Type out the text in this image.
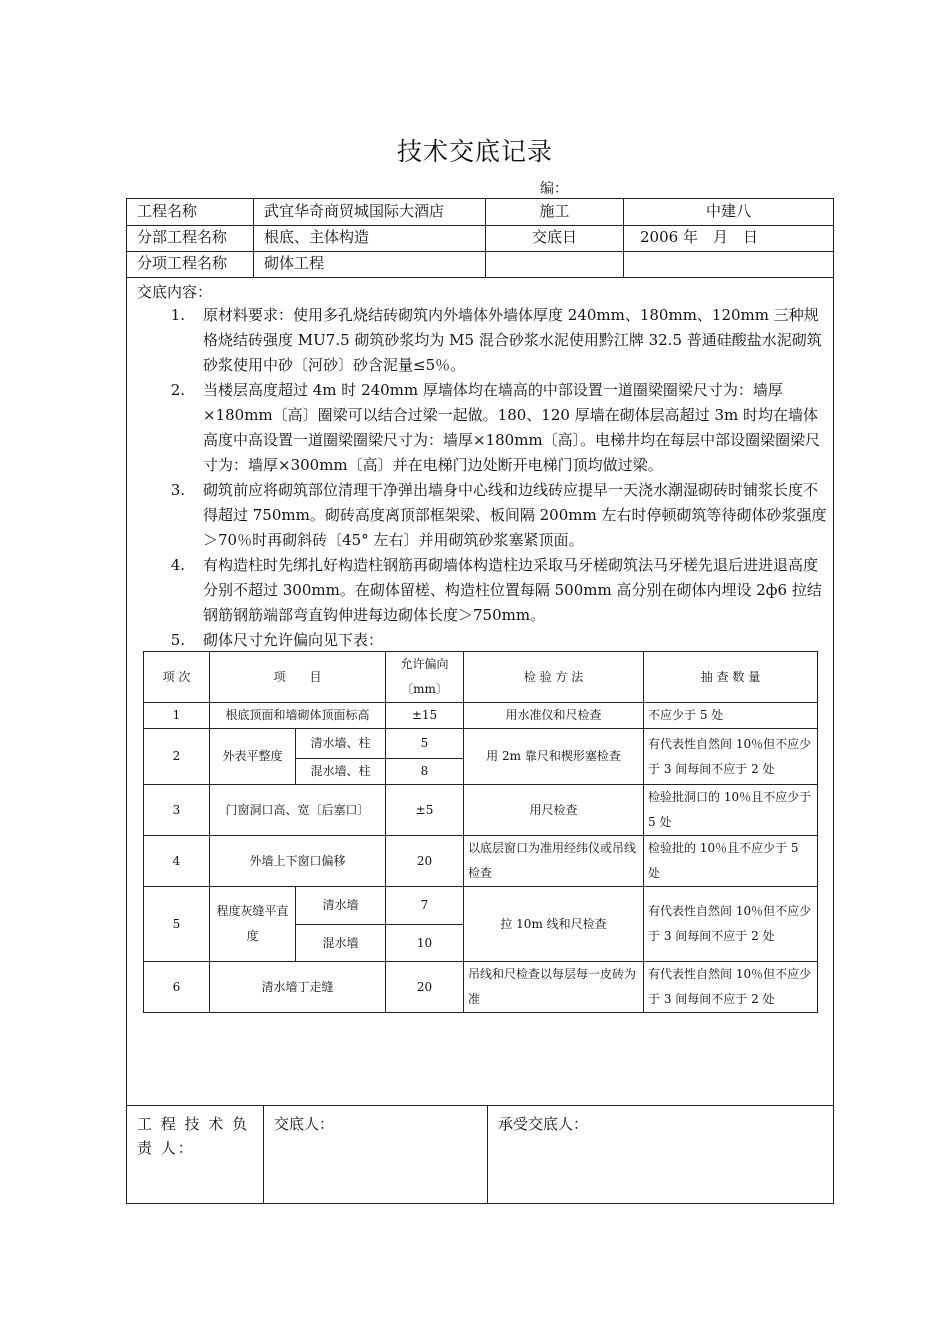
技术交底记录
编：
工程名称	武宜华奇商贸城国际大酒店	施工	中建八
分部工程名称	根底、主体构造	交底日	2006 年　月　日
分项工程名称	砌体工程
交底内容：
1. 原材料要求：使用多孔烧结砖砌筑内外墙体外墙体厚度 240mm、180mm、120mm 三种规格烧结砖强度 MU7.5 砌筑砂浆均为 M5 混合砂浆水泥使用黔江牌 32.5 普通硅酸盐水泥砌筑砂浆使用中砂〔河砂〕砂含泥量≤5％。
2. 当楼层高度超过 4m 时 240mm 厚墙体均在墙高的中部设置一道圈梁圈梁尺寸为：墙厚×180mm〔高〕圈梁可以结合过梁一起做。180、120 厚墙在砌体层高超过 3m 时均在墙体高度中高设置一道圈梁圈梁尺寸为：墙厚×180mm〔高〕。电梯井均在每层中部设圈梁圈梁尺寸为：墙厚×300mm〔高〕并在电梯门边处断开电梯门顶均做过梁。
3. 砌筑前应将砌筑部位清理干净弹出墙身中心线和边线砖应提早一天浇水潮湿砌砖时铺浆长度不得超过 750mm。砌砖高度离顶部框架梁、板间隔 200mm 左右时停顿砌筑等待砌体砂浆强度＞70％时再砌斜砖〔45° 左右〕并用砌筑砂浆塞紧顶面。
4. 有构造柱时先绑扎好构造柱钢筋再砌墙体构造柱边采取马牙槎砌筑法马牙槎先退后进进退高度分别不超过 300mm。在砌体留槎、构造柱位置每隔 500mm 高分别在砌体内埋设 2ф6 拉结钢筋钢筋端部弯直钩伸进每边砌体长度＞750mm。
5. 砌体尺寸允许偏向见下表：
项 次	项　　目		允许偏向〔mm〕	检 验 方 法	抽 查 数 量
1	根底顶面和墙砌体顶面标高		±15	用水准仪和尺检查	不应少于 5 处
2	外表平整度	清水墙、柱	5	用 2m 靠尺和楔形塞检查	有代表性自然间 10％但不应少于 3 间每间不应于 2 处
		混水墙、柱	8		
3	门窗洞口高、宽〔后塞口〕		±5	用尺检查	检验批洞口的 10％且不应少于 5 处
4	外墙上下窗口偏移		20	以底层窗口为准用经纬仪或吊线检查	检验批的 10％且不应少于 5 处
5	程度灰缝平直度	清水墙	7	拉 10m 线和尺检查	有代表性自然间 10％但不应少于 3 间每间不应于 2 处
		混水墙	10		
6	清水墙丁走缝		20	吊线和尺检查以每层每一皮砖为准	有代表性自然间 10％但不应少于 3 间每间不应于 2 处
工 程 技 术 负 责 人：
交底人：	承受交底人：
